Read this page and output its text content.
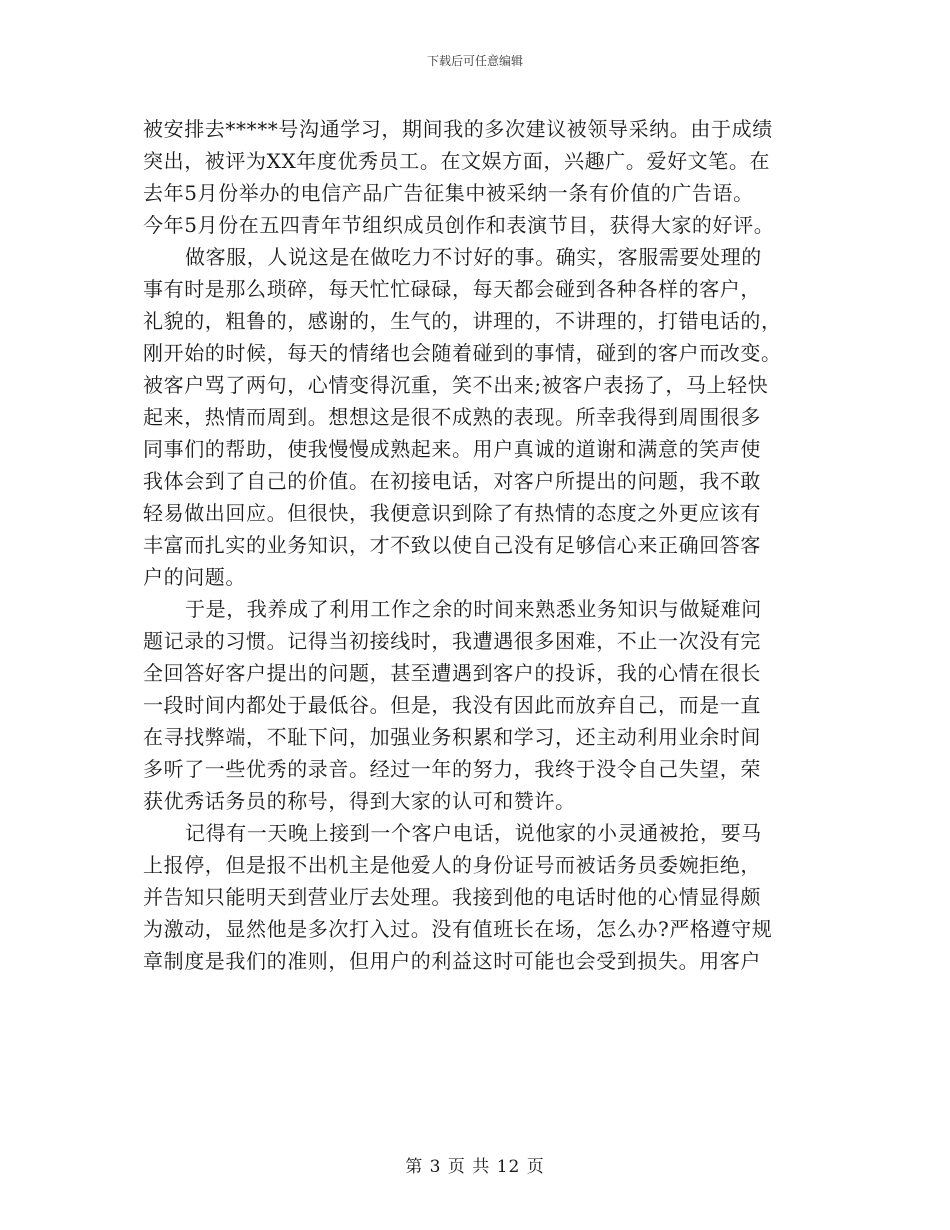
下载后可任意编辑
被安排去*****号沟通学习，期间我的多次建议被领导采纳。由于成绩
突出，被评为XX年度优秀员工。在文娱方面，兴趣广。爱好文笔。在
去年5月份举办的电信产品广告征集中被采纳一条有价值的广告语。
今年5月份在五四青年节组织成员创作和表演节目，获得大家的好评。
做客服，人说这是在做吃力不讨好的事。确实，客服需要处理的
事有时是那么琐碎，每天忙忙碌碌，每天都会碰到各种各样的客户，
礼貌的，粗鲁的，感谢的，生气的，讲理的，不讲理的，打错电话的，
刚开始的时候，每天的情绪也会随着碰到的事情，碰到的客户而改变。
被客户骂了两句，心情变得沉重，笑不出来;被客户表扬了，马上轻快
起来，热情而周到。想想这是很不成熟的表现。所幸我得到周围很多
同事们的帮助，使我慢慢成熟起来。用户真诚的道谢和满意的笑声使
我体会到了自己的价值。在初接电话，对客户所提出的问题，我不敢
轻易做出回应。但很快，我便意识到除了有热情的态度之外更应该有
丰富而扎实的业务知识，才不致以使自己没有足够信心来正确回答客
户的问题。
于是，我养成了利用工作之余的时间来熟悉业务知识与做疑难问
题记录的习惯。记得当初接线时，我遭遇很多困难，不止一次没有完
全回答好客户提出的问题，甚至遭遇到客户的投诉，我的心情在很长
一段时间内都处于最低谷。但是，我没有因此而放弃自己，而是一直
在寻找弊端，不耻下问，加强业务积累和学习，还主动利用业余时间
多听了一些优秀的录音。经过一年的努力，我终于没令自己失望，荣
获优秀话务员的称号，得到大家的认可和赞许。
记得有一天晚上接到一个客户电话，说他家的小灵通被抢，要马
上报停，但是报不出机主是他爱人的身份证号而被话务员委婉拒绝，
并告知只能明天到营业厅去处理。我接到他的电话时他的心情显得颇
为激动，显然他是多次打入过。没有值班长在场，怎么办?严格遵守规
章制度是我们的准则，但用户的利益这时可能也会受到损失。用客户
第 3 页 共 12 页
